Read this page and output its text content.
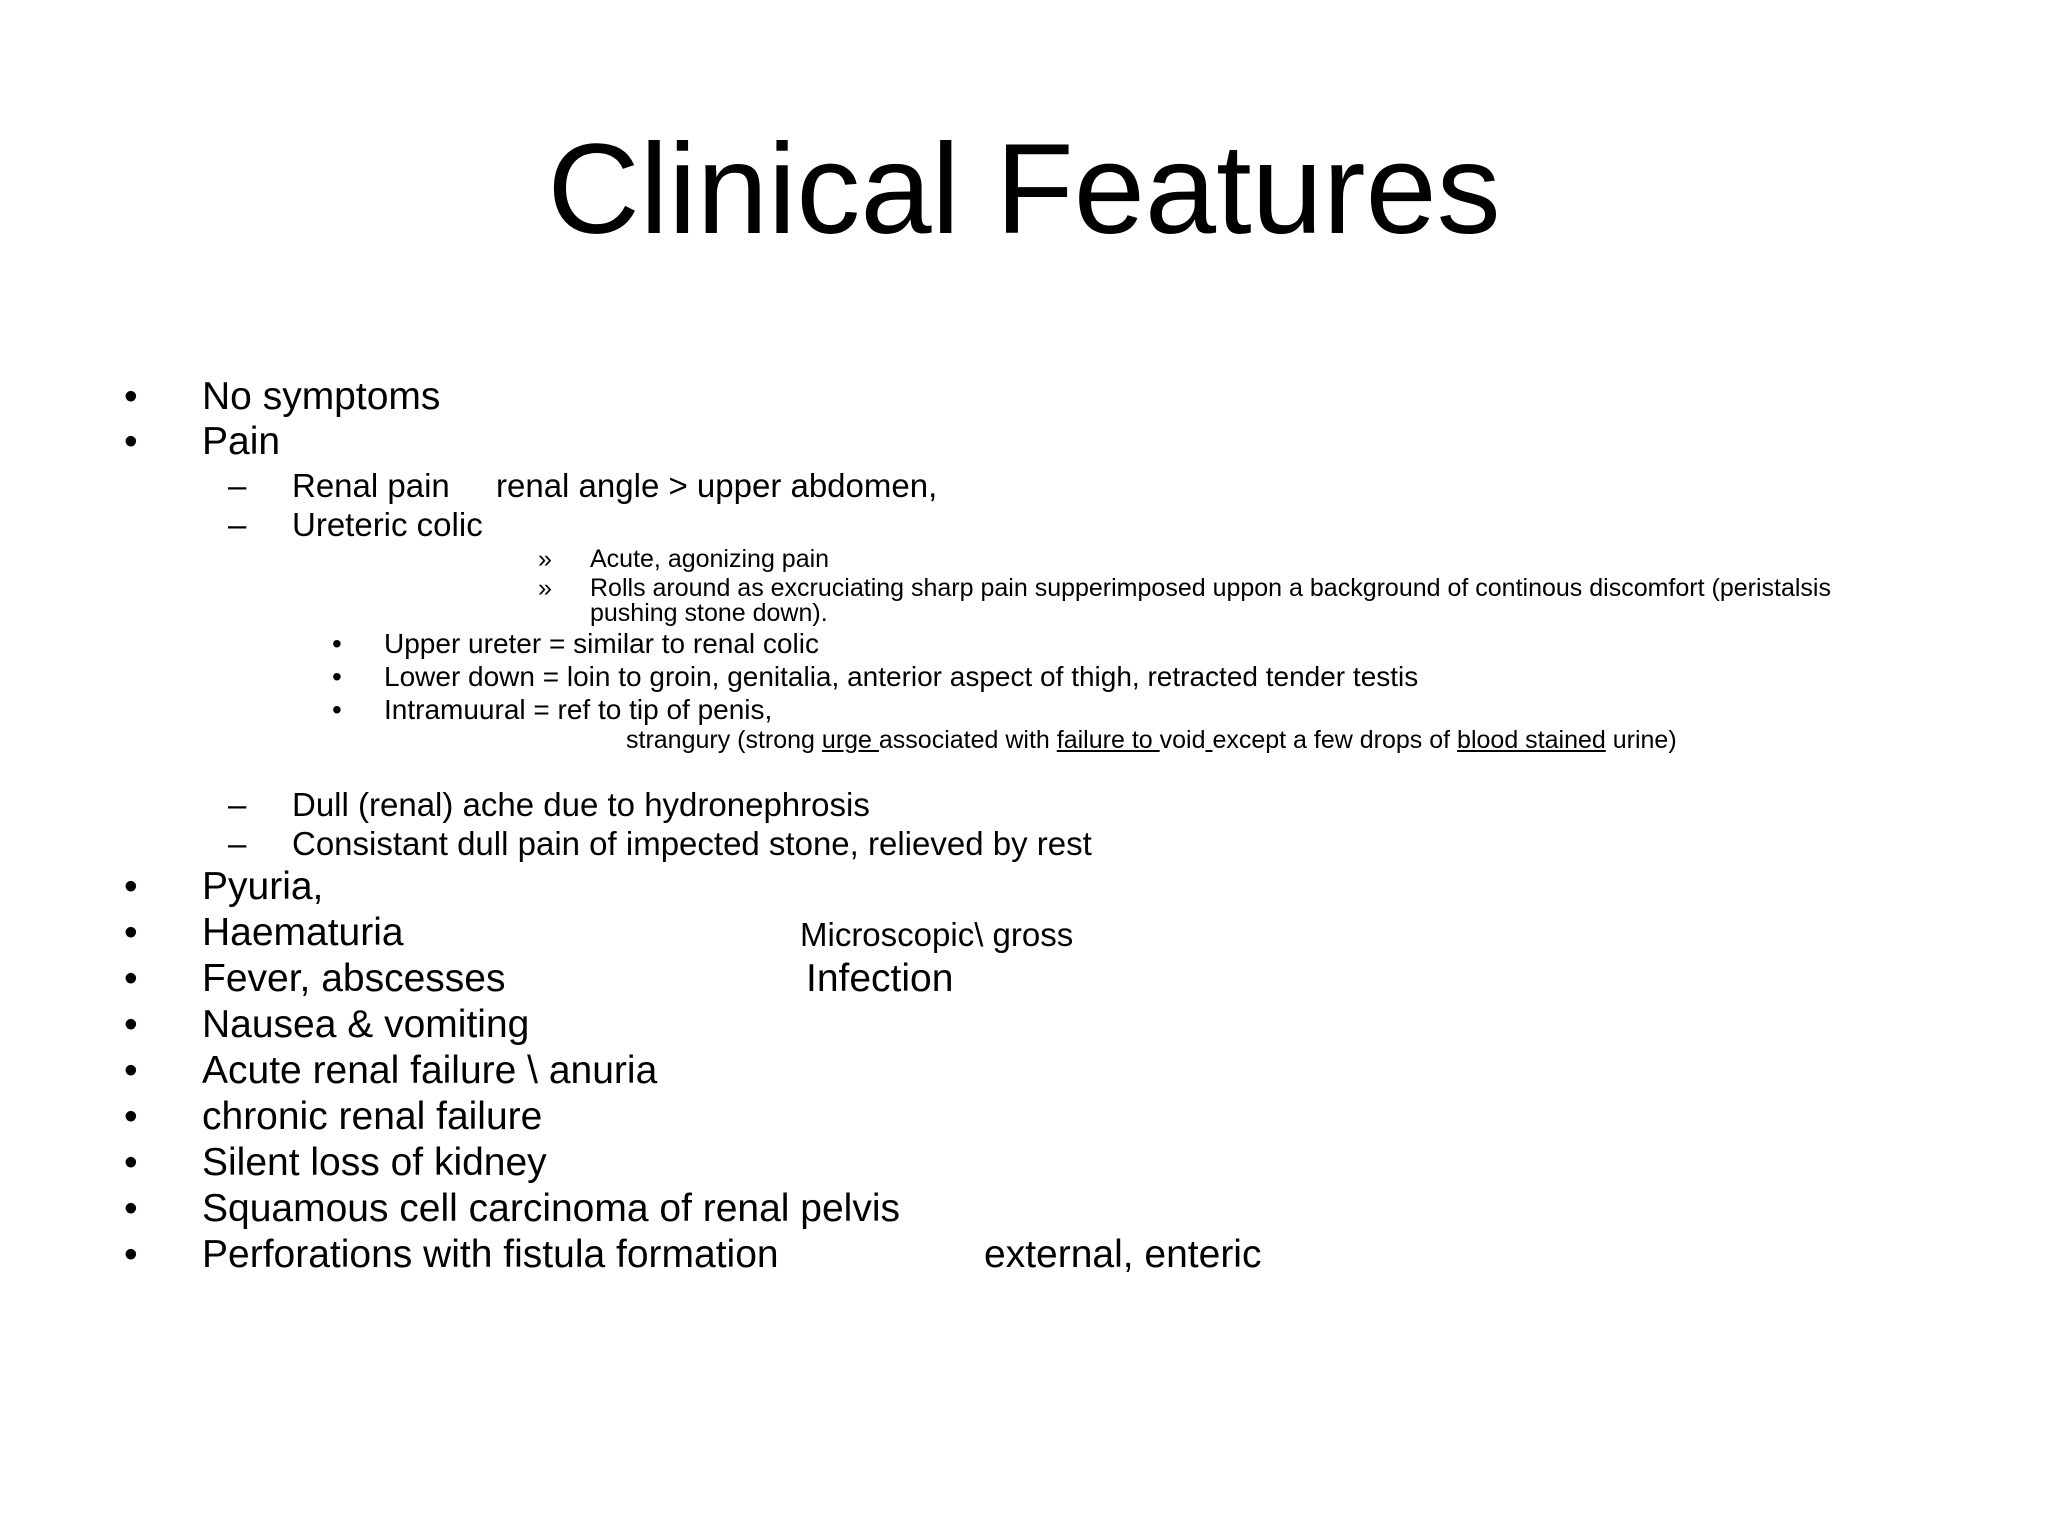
Clinical Features
• No symptoms
• Pain
– Renal pain renal angle > upper abdomen,
– Ureteric colic
» Acute, agonizing pain
» Rolls around as excruciating sharp pain supperimposed uppon a background of continous discomfort (peristalsis
pushing stone down).
• Upper ureter = similar to renal colic
• Lower down = loin to groin, genitalia, anterior aspect of thigh, retracted tender testis
• Intramuural = ref to tip of penis,
strangury (strong urge associated with failure to void except a few drops of blood stained urine)
– Dull (renal) ache due to hydronephrosis
– Consistant dull pain of impected stone, relieved by rest
• Pyuria,
• Haematuria	Microscopic\ gross
• Fever, abscesses	Infection
• Nausea & vomiting
• Acute renal failure \ anuria
• chronic renal failure
• Silent loss of kidney
• Squamous cell carcinoma of renal pelvis
• Perforations with fistula formation	external, enteric
